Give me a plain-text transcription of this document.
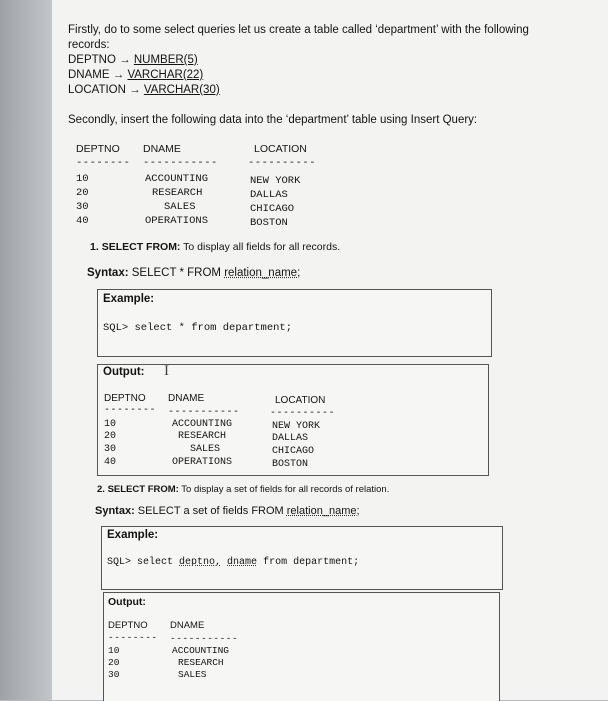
Firstly, do to some select queries let us create a table called ‘department’ with the following
records:
DEPTNO → NUMBER(5)
DNAME → VARCHAR(22)
LOCATION → VARCHAR(30)
Secondly, insert the following data into the ‘department’ table using Insert Query:
DEPTNO DNAME	LOCATION
-------- -----------	----------
10	ACCOUNTING	NEW YORK
20	RESEARCH	DALLAS
30	SALES	CHICAGO
40	OPERATIONS	BOSTON
1. SELECT FROM: To display all fields for all records.
Syntax: SELECT * FROM relation_name;
Example:
SQL> select * from department;
Output: I
DEPTNO DNAME	LOCATION
-------- -----------	----------
10	ACCOUNTING	NEW YORK
20	RESEARCH	DALLAS
30	SALES	CHICAGO
40	OPERATIONS	BOSTON
2. SELECT FROM: To display a set of fields for all records of relation.
Syntax: SELECT a set of fields FROM relation_name;
Example:
SQL> select deptno, dname from department;
Output:
DEPTNO DNAME
-------- -----------
10	ACCOUNTING
20	RESEARCH
30	SALES
